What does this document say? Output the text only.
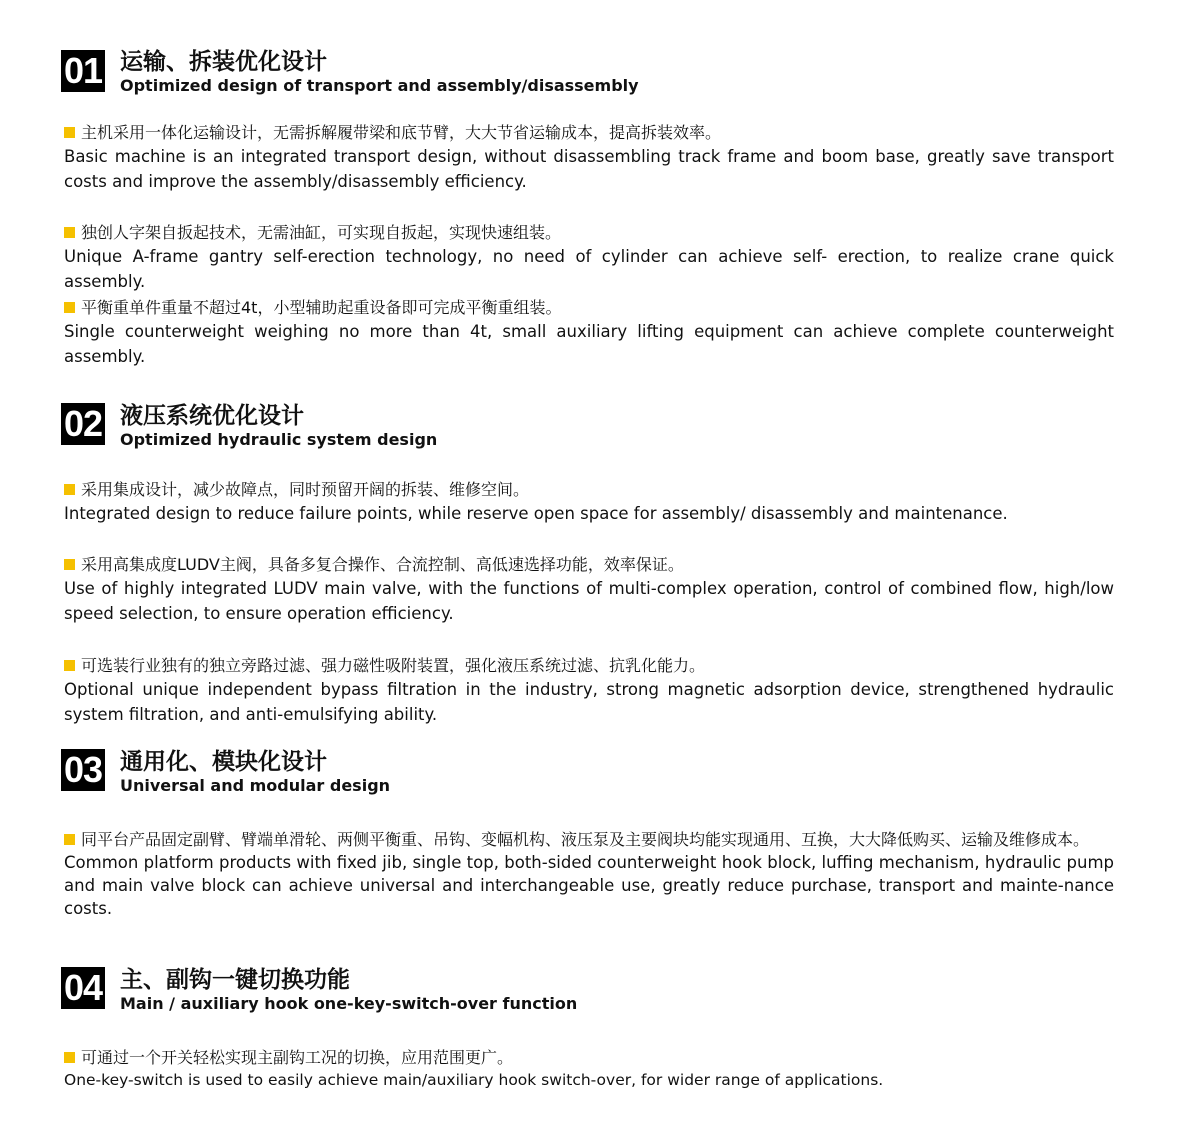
01 运输、拆装优化设计
Optimized design of transport and assembly/disassembly
主机采用一体化运输设计，无需拆解履带梁和底节臂，大大节省运输成本，提高拆装效率。
Basic machine is an integrated transport design, without disassembling track frame and boom base, greatly save transport costs and improve the assembly/disassembly efficiency.
独创人字架自扳起技术，无需油缸，可实现自扳起，实现快速组装。
Unique A-frame gantry self-erection technology, no need of cylinder can achieve self- erection, to realize crane quick assembly.
平衡重单件重量不超过4t，小型辅助起重设备即可完成平衡重组装。
Single counterweight weighing no more than 4t, small auxiliary lifting equipment can achieve complete counterweight assembly.
02 液压系统优化设计
Optimized hydraulic system design
采用集成设计，减少故障点，同时预留开阔的拆装、维修空间。
Integrated design to reduce failure points, while reserve open space for assembly/ disassembly and maintenance.
采用高集成度LUDV主阀，具备多复合操作、合流控制、高低速选择功能，效率保证。
Use of highly integrated LUDV main valve, with the functions of multi-complex operation, control of combined flow, high/low speed selection, to ensure operation efficiency.
可选装行业独有的独立旁路过滤、强力磁性吸附装置，强化液压系统过滤、抗乳化能力。
Optional unique independent bypass filtration in the industry, strong magnetic adsorption device, strengthened hydraulic system filtration, and anti-emulsifying ability.
03 通用化、模块化设计
Universal and modular design
同平台产品固定副臂、臂端单滑轮、两侧平衡重、吊钩、变幅机构、液压泵及主要阀块均能实现通用、互换，大大降低购买、运输及维修成本。
Common platform products with fixed jib, single top, both-sided counterweight hook block, luffing mechanism, hydraulic pump and main valve block can achieve universal and interchangeable use, greatly reduce purchase, transport and mainte-nance costs.
04 主、副钩一键切换功能
Main / auxiliary hook one-key-switch-over function
可通过一个开关轻松实现主副钩工况的切换，应用范围更广。
One-key-switch is used to easily achieve main/auxiliary hook switch-over, for wider range of applications.
